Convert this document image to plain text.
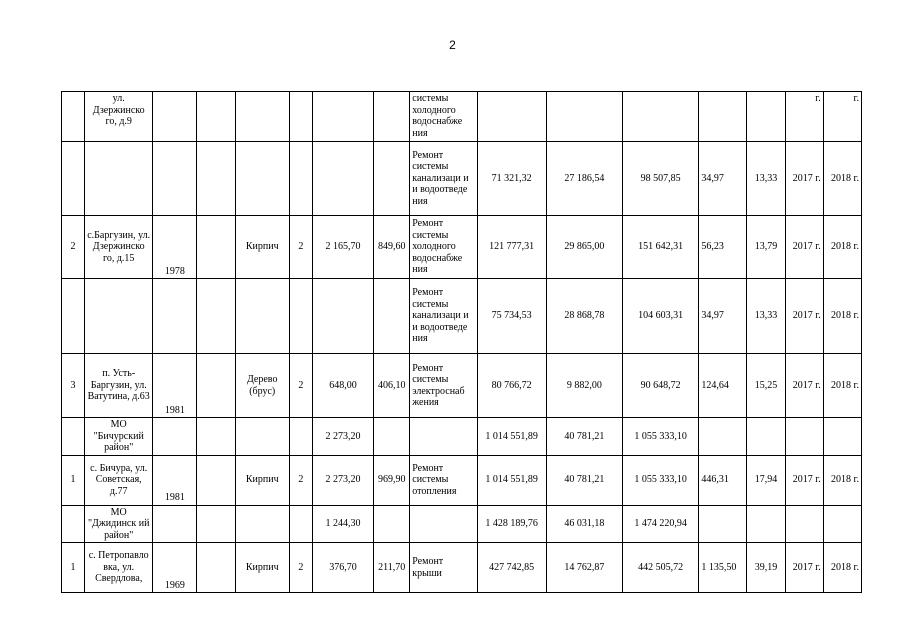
2
	ул. Дзержинско го, д.9							системы холодного водоснабже ния						г.	г.
								Ремонт системы канализаци и и водоотведе ния	71 321,32	27 186,54	98 507,85	34,97	13,33	2017 г.	2018 г.
2	с.Баргузин, ул. Дзержинско го, д.15	1978		Кирпич	2	2 165,70	849,60	Ремонт системы холодного водоснабже ния	121 777,31	29 865,00	151 642,31	56,23	13,79	2017 г.	2018 г.
								Ремонт системы канализаци и и водоотведе ния	75 734,53	28 868,78	104 603,31	34,97	13,33	2017 г.	2018 г.
3	п. Усть-Баргузин, ул. Ватутина, д.63	1981		Дерево (брус)	2	648,00	406,10	Ремонт системы электроснаб жения	80 766,72	9 882,00	90 648,72	124,64	15,25	2017 г.	2018 г.
	МО "Бичурский район"					2 273,20			1 014 551,89	40 781,21	1 055 333,10				
1	с. Бичура, ул. Советская, д.77	1981		Кирпич	2	2 273,20	969,90	Ремонт системы отопления	1 014 551,89	40 781,21	1 055 333,10	446,31	17,94	2017 г.	2018 г.
	МО "Джидинск ий район"					1 244,30			1 428 189,76	46 031,18	1 474 220,94				
1	с. Петропавло вка, ул. Свердлова,	1969		Кирпич	2	376,70	211,70	Ремонт крыши	427 742,85	14 762,87	442 505,72	1 135,50	39,19	2017 г.	2018 г.
